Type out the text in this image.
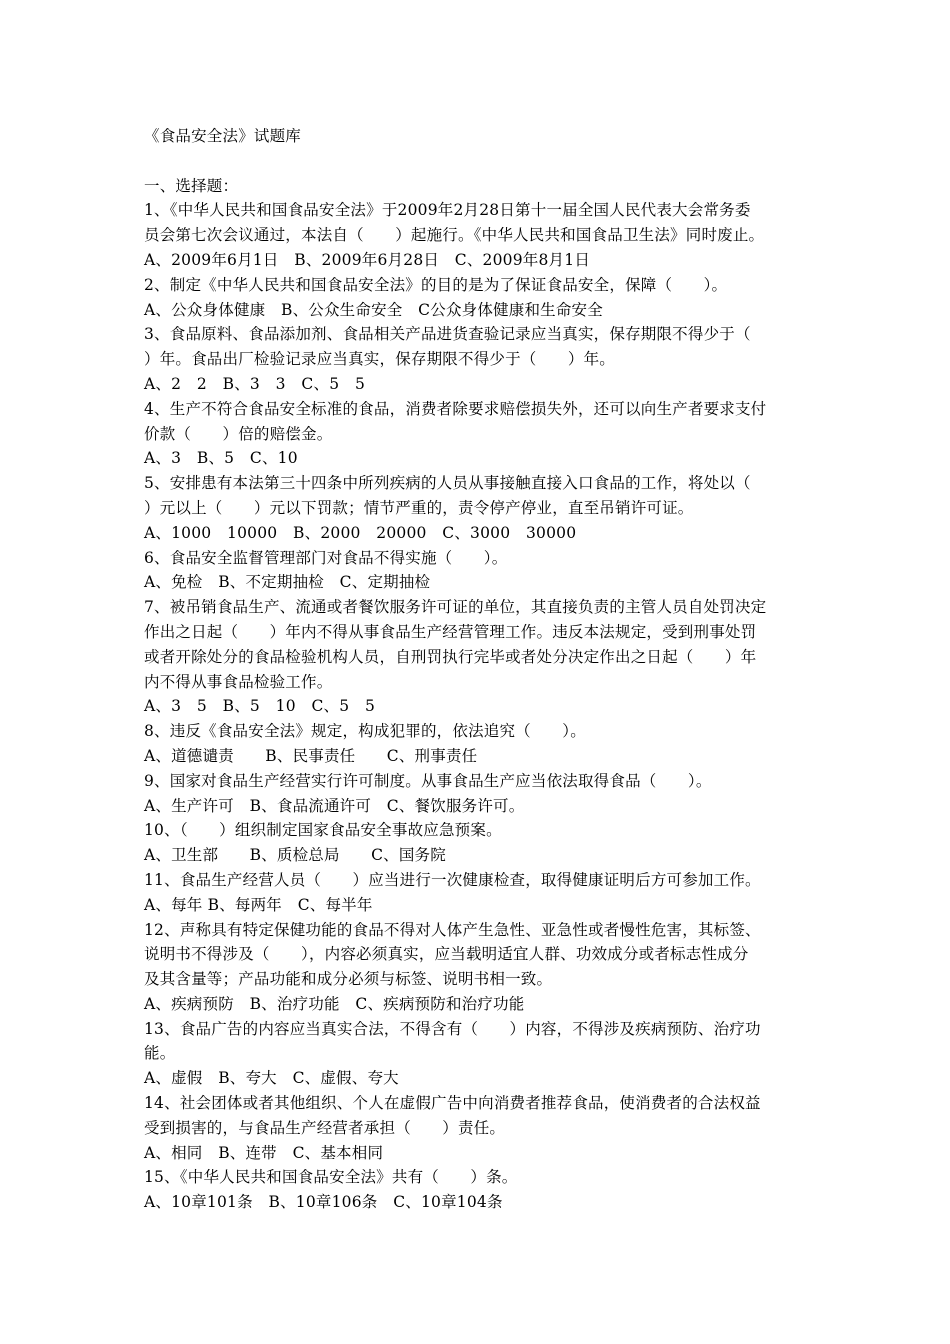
《食品安全法》试题库

一、选择题：

1、《中华人民共和国食品安全法》于2009年2月28日第十一届全国人民代表大会常务委

员会第七次会议通过，本法自（　　）起施行。《中华人民共和国食品卫生法》同时废止。

A、2009年6月1日　B、2009年6月28日　C、2009年8月1日

2、制定《中华人民共和国食品安全法》的目的是为了保证食品安全，保障（　　）。

A、公众身体健康　B、公众生命安全　C公众身体健康和生命安全

3、食品原料、食品添加剂、食品相关产品进货查验记录应当真实，保存期限不得少于（

）年。食品出厂检验记录应当真实，保存期限不得少于（　　）年。

A、2　2　B、3　3　C、5　5

4、生产不符合食品安全标准的食品，消费者除要求赔偿损失外，还可以向生产者要求支付

价款（　　）倍的赔偿金。

A、3　B、5　C、10

5、安排患有本法第三十四条中所列疾病的人员从事接触直接入口食品的工作，将处以（

）元以上（　　）元以下罚款；情节严重的，责令停产停业，直至吊销许可证。

A、1000　10000　B、2000　20000　C、3000　30000

6、食品安全监督管理部门对食品不得实施（　　）。

A、免检　B、不定期抽检　C、定期抽检

7、被吊销食品生产、流通或者餐饮服务许可证的单位，其直接负责的主管人员自处罚决定

作出之日起（　　）年内不得从事食品生产经营管理工作。违反本法规定，受到刑事处罚

或者开除处分的食品检验机构人员，自刑罚执行完毕或者处分决定作出之日起（　　）年

内不得从事食品检验工作。

A、3　5　B、5　10　C、5　5

8、违反《食品安全法》规定，构成犯罪的，依法追究（　　）。

A、道德谴责　　B、民事责任　　C、刑事责任

9、国家对食品生产经营实行许可制度。从事食品生产应当依法取得食品（　　）。

A、生产许可　B、食品流通许可　C、餐饮服务许可。

10、（　　）组织制定国家食品安全事故应急预案。

A、卫生部　　B、质检总局　　C、国务院

11、食品生产经营人员（　　）应当进行一次健康检查，取得健康证明后方可参加工作。

A、每年 B、每两年　C、每半年

12、声称具有特定保健功能的食品不得对人体产生急性、亚急性或者慢性危害，其标签、

说明书不得涉及（　　），内容必须真实，应当载明适宜人群、功效成分或者标志性成分

及其含量等；产品功能和成分必须与标签、说明书相一致。

A、疾病预防　B、治疗功能　C、疾病预防和治疗功能

13、食品广告的内容应当真实合法，不得含有（　　）内容，不得涉及疾病预防、治疗功

能。

A、虚假　B、夸大　C、虚假、夸大

14、社会团体或者其他组织、个人在虚假广告中向消费者推荐食品，使消费者的合法权益

受到损害的，与食品生产经营者承担（　　）责任。

A、相同　B、连带　C、基本相同

15、《中华人民共和国食品安全法》共有（　　）条。

A、10章101条　B、10章106条　C、10章104条
